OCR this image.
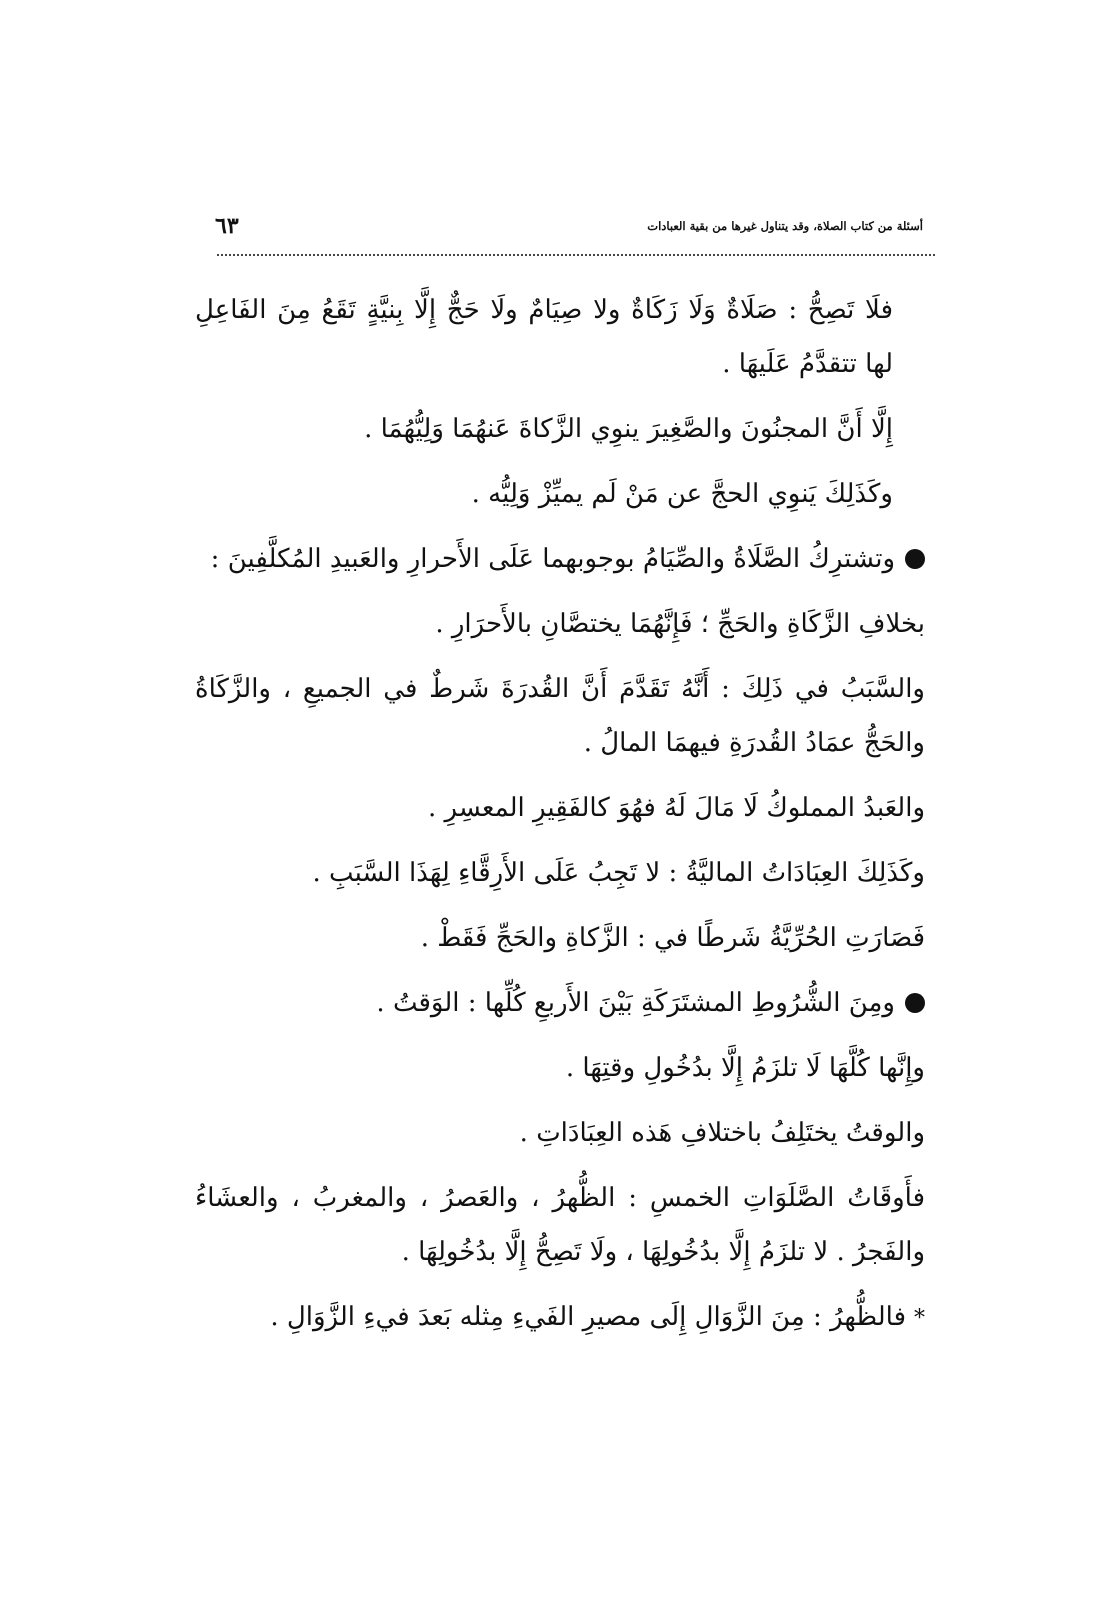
٦٣	أسئلة من كتاب الصلاة، وقد يتناول غيرها من بقية العبادات

فلَا تَصِحُّ : صَلَاةٌ وَلَا زَكَاةٌ ولا صِيَامٌ ولَا حَجٌّ إِلَّا بِنيَّةٍ تَقَعُ مِنَ الفَاعِلِ لها تتقدَّمُ عَلَيهَا .

إِلَّا أَنَّ المجنُونَ والصَّغِيرَ ينوِي الزَّكاةَ عَنهُمَا وَلِيُّهُمَا .

وكَذَلِكَ يَنوِي الحجَّ عن مَنْ لَم يميِّزْ وَلِيُّه .

وتشترِكُ الصَّلَاةُ والصِّيَامُ بوجوبهما عَلَى الأَحرارِ والعَبيدِ المُكلَّفِينَ :

بخلافِ الزَّكَاةِ والحَجِّ ؛ فَإِنَّهُمَا يختصَّانِ بالأَحرَارِ .

والسَّبَبُ في ذَلِكَ : أَنَّهُ تَقَدَّمَ أَنَّ القُدرَةَ شَرطٌ في الجميعِ ، والزَّكَاةُ والحَجُّ عمَادُ القُدرَةِ فيهمَا المالُ .

والعَبدُ المملوكُ لَا مَالَ لَهُ فهُوَ كالفَقِيرِ المعسِرِ .

وكَذَلِكَ العِبَادَاتُ الماليَّةُ : لا تَجِبُ عَلَى الأَرِقَّاءِ لِهَذَا السَّبَبِ .

فَصَارَتِ الحُرِّيَّةُ شَرطًا في : الزَّكاةِ والحَجِّ فَقَطْ .

ومِنَ الشُّرُوطِ المشتَرَكَةِ بَيْنَ الأَربعِ كُلِّها : الوَقتُ .

وإِنَّها كُلَّهَا لَا تلزَمُ إِلَّا بدُخُولِ وقتِهَا .

والوقتُ يختَلِفُ باختلافِ هَذه العِبَادَاتِ .

فأَوقَاتُ الصَّلَوَاتِ الخمسِ : الظُّهرُ ، والعَصرُ ، والمغربُ ، والعشَاءُ والفَجرُ . لا تلزَمُ إِلَّا بدُخُولِهَا ، ولَا تَصِحُّ إِلَّا بدُخُولِهَا .

*فالظُّهرُ : مِنَ الزَّوَالِ إِلَى مصيرِ الفَيءِ مِثله بَعدَ فيءِ الزَّوَالِ .
